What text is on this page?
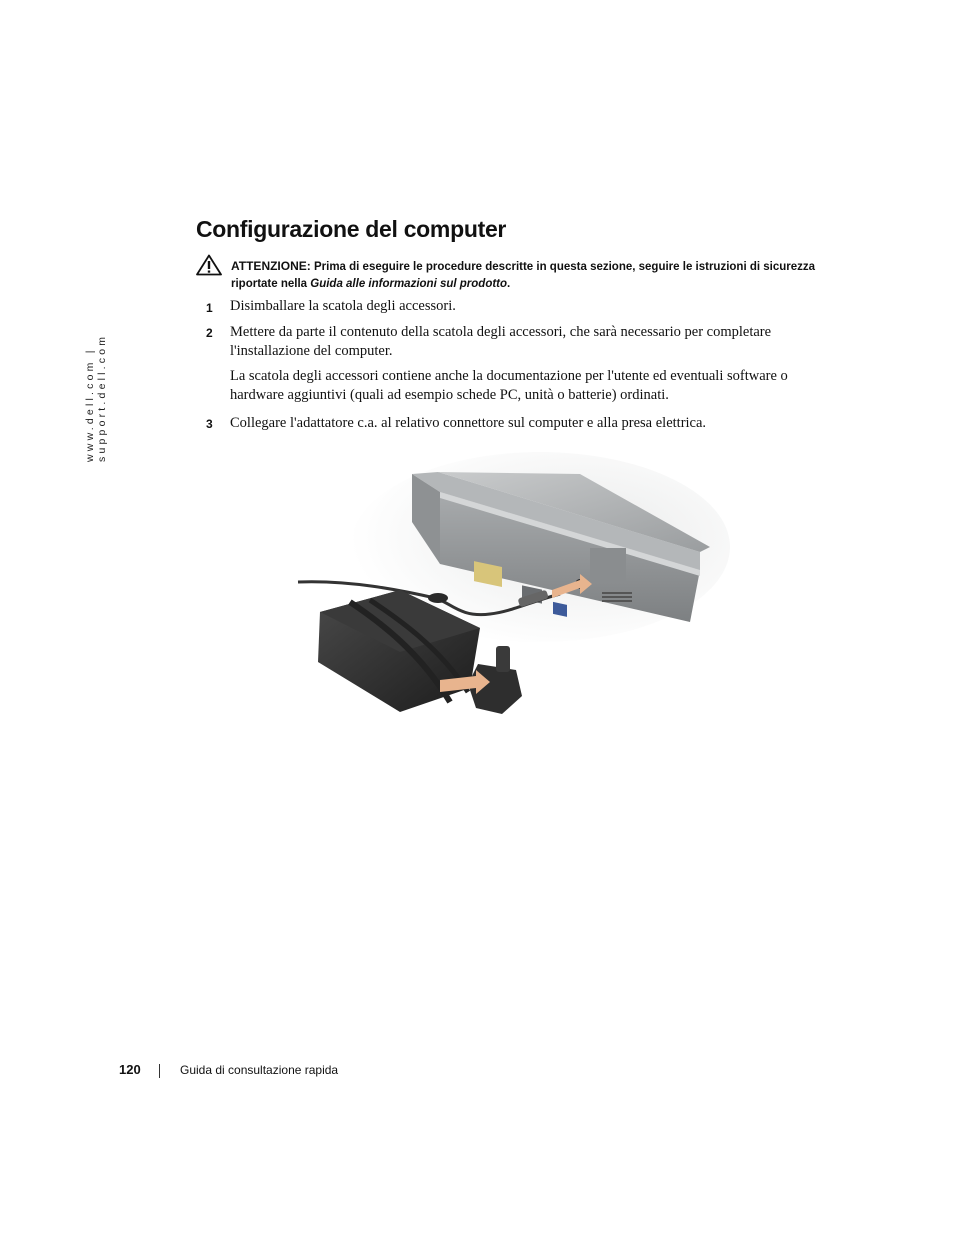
www.dell.com | support.dell.com
Configurazione del computer
ATTENZIONE: Prima di eseguire le procedure descritte in questa sezione, seguire le istruzioni di sicurezza riportate nella Guida alle informazioni sul prodotto.
1 Disimballare la scatola degli accessori.
2 Mettere da parte il contenuto della scatola degli accessori, che sarà necessario per completare l'installazione del computer.
La scatola degli accessori contiene anche la documentazione per l'utente ed eventuali software o hardware aggiuntivi (quali ad esempio schede PC, unità o batterie) ordinati.
3 Collegare l'adattatore c.a. al relativo connettore sul computer e alla presa elettrica.
120	Guida di consultazione rapida
